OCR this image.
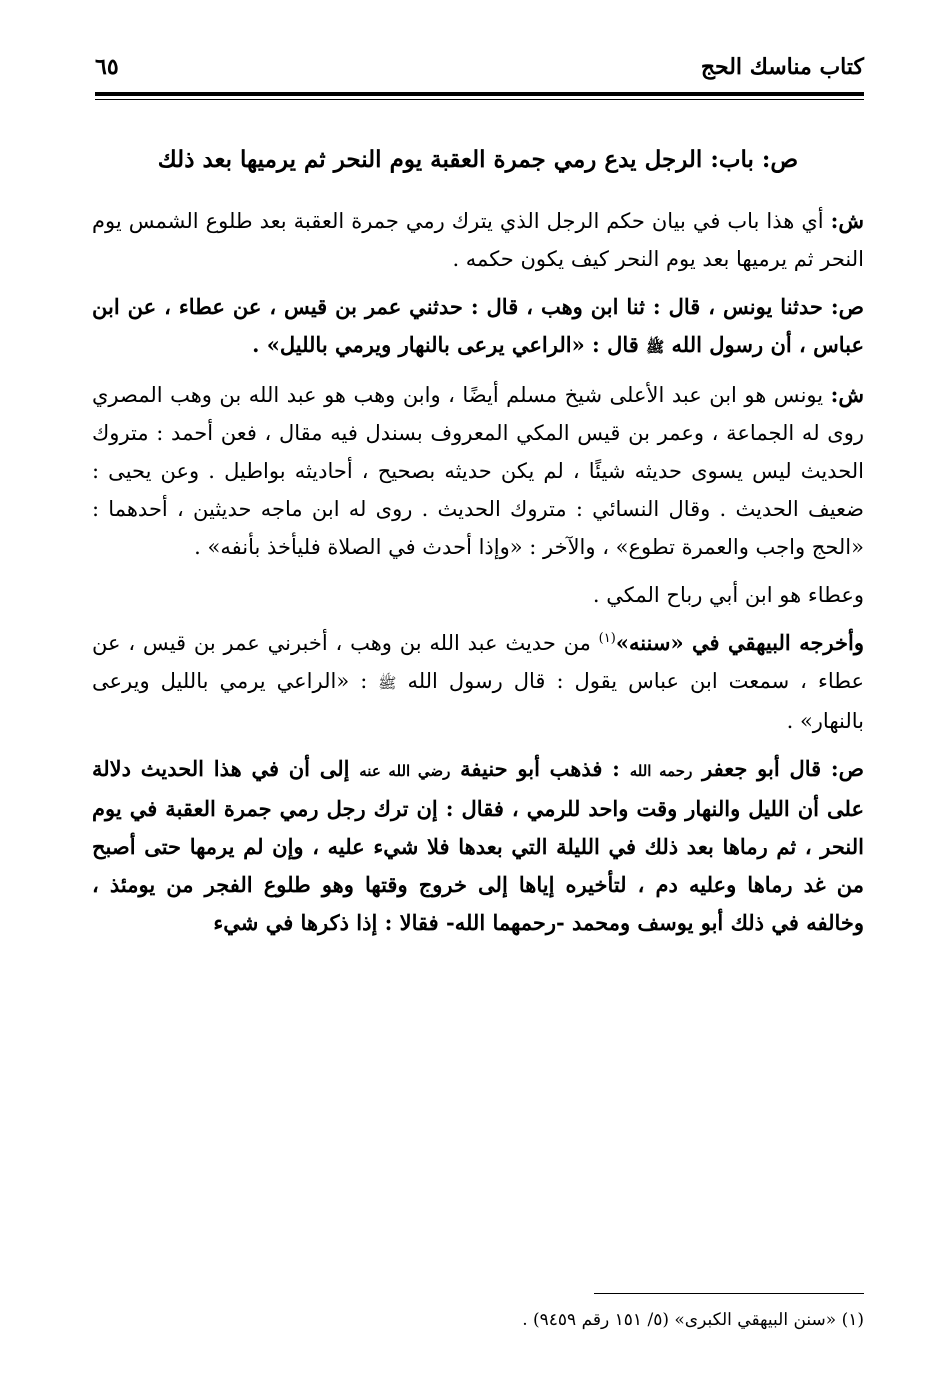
كتاب مناسك الحج
٦٥
ص: باب: الرجل يدع رمي جمرة العقبة يوم النحر ثم يرميها بعد ذلك

ش: أي هذا باب في بيان حكم الرجل الذي يترك رمي جمرة العقبة بعد طلوع الشمس يوم النحر ثم يرميها بعد يوم النحر كيف يكون حكمه .

ص: حدثنا يونس ، قال : ثنا ابن وهب ، قال : حدثني عمر بن قيس ، عن عطاء ، عن ابن عباس ، أن رسول الله ﷺ قال : «الراعي يرعى بالنهار ويرمي بالليل» .

ش: يونس هو ابن عبد الأعلى شيخ مسلم أيضًا ، وابن وهب هو عبد الله بن وهب المصري روى له الجماعة ، وعمر بن قيس المكي المعروف بسندل فيه مقال ، فعن أحمد : متروك الحديث ليس يسوى حديثه شيئًا ، لم يكن حديثه بصحيح ، أحاديثه بواطيل . وعن يحيى : ضعيف الحديث . وقال النسائي : متروك الحديث . روى له ابن ماجه حديثين ، أحدهما : «الحج واجب والعمرة تطوع» ، والآخر : «وإذا أحدث في الصلاة فليأخذ بأنفه» .

وعطاء هو ابن أبي رباح المكي .

وأخرجه البيهقي في «سننه»$^{(١)}$ من حديث عبد الله بن وهب ، أخبرني عمر بن قيس ، عن عطاء ، سمعت ابن عباس يقول : قال رسول الله ﷺ : «الراعي يرمي بالليل ويرعى بالنهار» .

ص: قال أبو جعفر رحمه الله : فذهب أبو حنيفة رضي الله عنه إلى أن في هذا الحديث دلالة على أن الليل والنهار وقت واحد للرمي ، فقال : إن ترك رجل رمي جمرة العقبة في يوم النحر ، ثم رماها بعد ذلك في الليلة التي بعدها فلا شيء عليه ، وإن لم يرمها حتى أصبح من غد رماها وعليه دم ، لتأخيره إياها إلى خروج وقتها وهو طلوع الفجر من يومئذ ، وخالفه في ذلك أبو يوسف ومحمد -رحمهما الله- فقالا : إذا ذكرها في شيء

(١) «سنن البيهقي الكبرى» (٥/ ١٥١ رقم ٩٤٥٩) .
